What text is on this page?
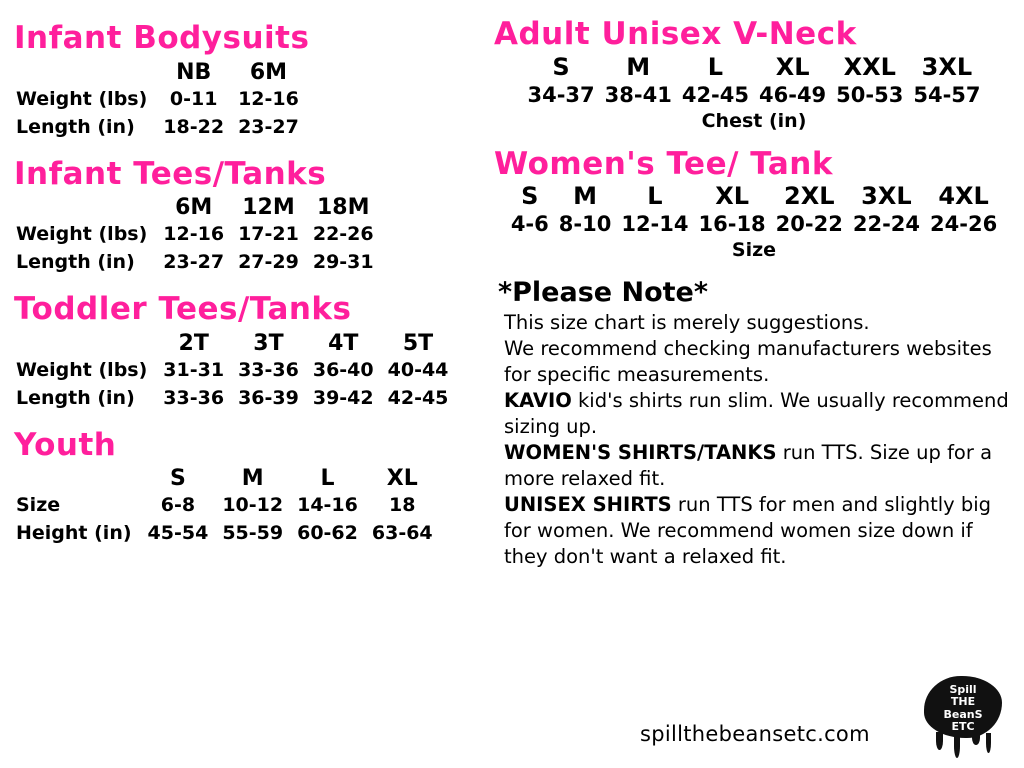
Infant Bodysuits
	NB	6M
Weight (lbs)	0-11	12-16
Length (in)	18-22	23-27
Infant Tees/Tanks
	6M	12M	18M
Weight (lbs)	12-16	17-21	22-26
Length (in)	23-27	27-29	29-31
Toddler Tees/Tanks
	2T	3T	4T	5T
Weight (lbs)	31-31	33-36	36-40	40-44
Length (in)	33-36	36-39	39-42	42-45
Youth
	S	M	L	XL
Size	6-8	10-12	14-16	18
Height (in)	45-54	55-59	60-62	63-64
Adult Unisex V-Neck
S	M	L	XL	XXL	3XL
34-37	38-41	42-45	46-49	50-53	54-57
Chest (in)
Women's Tee/ Tank
S	M	L	XL	2XL	3XL	4XL
4-6	8-10	12-14	16-18	20-22	22-24	24-26
Size
*Please Note*

This size chart is merely suggestions.

We recommend checking manufacturers websites

for specific measurements.

KAVIO kid's shirts run slim. We usually recommend

sizing up.

WOMEN'S SHIRTS/TANKS run TTS. Size up for a

more relaxed fit.

UNISEX SHIRTS run TTS for men and slightly big

for women. We recommend women size down if

they don't want a relaxed fit.

spillthebeansetc.com
Spill
THE
BeanS
ETC
